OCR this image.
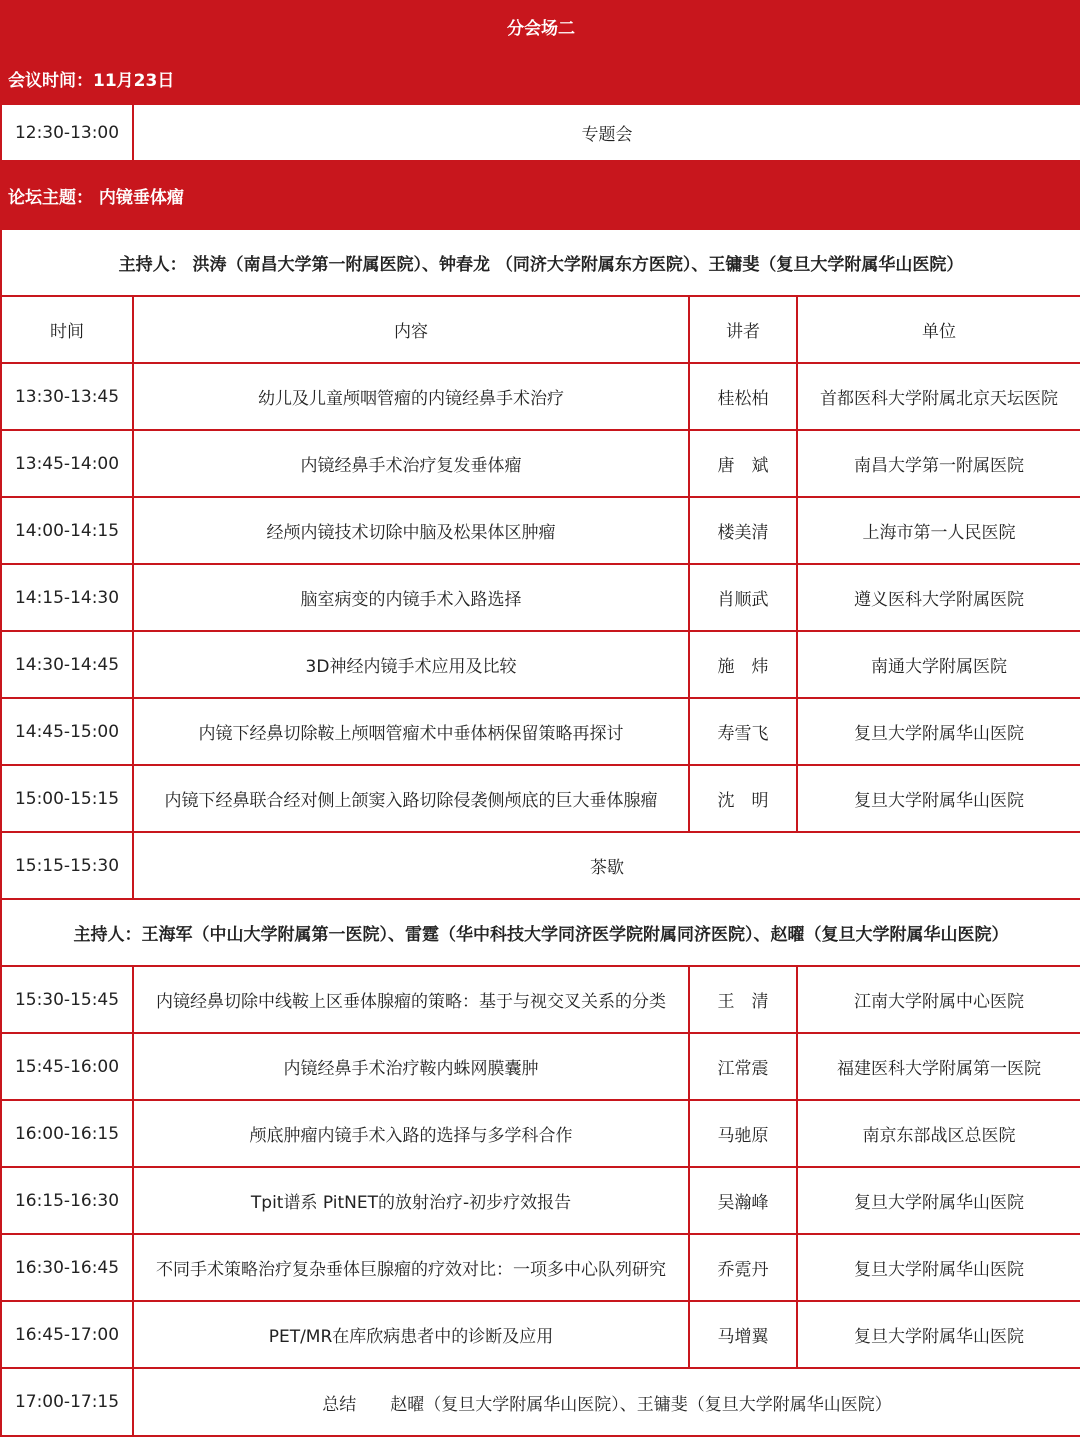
分会场二			
会议时间：11月23日			
12:30-13:00	专题会		
论坛主题： 内镜垂体瘤			
主持人： 洪涛（南昌大学第一附属医院）、钟春龙 （同济大学附属东方医院）、王镛斐（复旦大学附属华山医院）			
时间	内容	讲者	单位
13:30-13:45	幼儿及儿童颅咽管瘤的内镜经鼻手术治疗	桂松柏	首都医科大学附属北京天坛医院
13:45-14:00	内镜经鼻手术治疗复发垂体瘤	唐　斌	南昌大学第一附属医院
14:00-14:15	经颅内镜技术切除中脑及松果体区肿瘤	楼美清	上海市第一人民医院
14:15-14:30	脑室病变的内镜手术入路选择	肖顺武	遵义医科大学附属医院
14:30-14:45	3D神经内镜手术应用及比较	施　炜	南通大学附属医院
14:45-15:00	内镜下经鼻切除鞍上颅咽管瘤术中垂体柄保留策略再探讨	寿雪飞	复旦大学附属华山医院
15:00-15:15	内镜下经鼻联合经对侧上颌窦入路切除侵袭侧颅底的巨大垂体腺瘤	沈　明	复旦大学附属华山医院
15:15-15:30	茶歇		
主持人：王海军（中山大学附属第一医院）、雷霆（华中科技大学同济医学院附属同济医院）、赵曜（复旦大学附属华山医院）			
15:30-15:45	内镜经鼻切除中线鞍上区垂体腺瘤的策略：基于与视交叉关系的分类	王　清	江南大学附属中心医院
15:45-16:00	内镜经鼻手术治疗鞍内蛛网膜囊肿	江常震	福建医科大学附属第一医院
16:00-16:15	颅底肿瘤内镜手术入路的选择与多学科合作	马驰原	南京东部战区总医院
16:15-16:30	Tpit谱系 PitNET的放射治疗-初步疗效报告	吴瀚峰	复旦大学附属华山医院
16:30-16:45	不同手术策略治疗复杂垂体巨腺瘤的疗效对比：一项多中心队列研究	乔霓丹	复旦大学附属华山医院
16:45-17:00	PET/MR在库欣病患者中的诊断及应用	马增翼	复旦大学附属华山医院
17:00-17:15	总结　　赵曜（复旦大学附属华山医院）、王镛斐（复旦大学附属华山医院）		
